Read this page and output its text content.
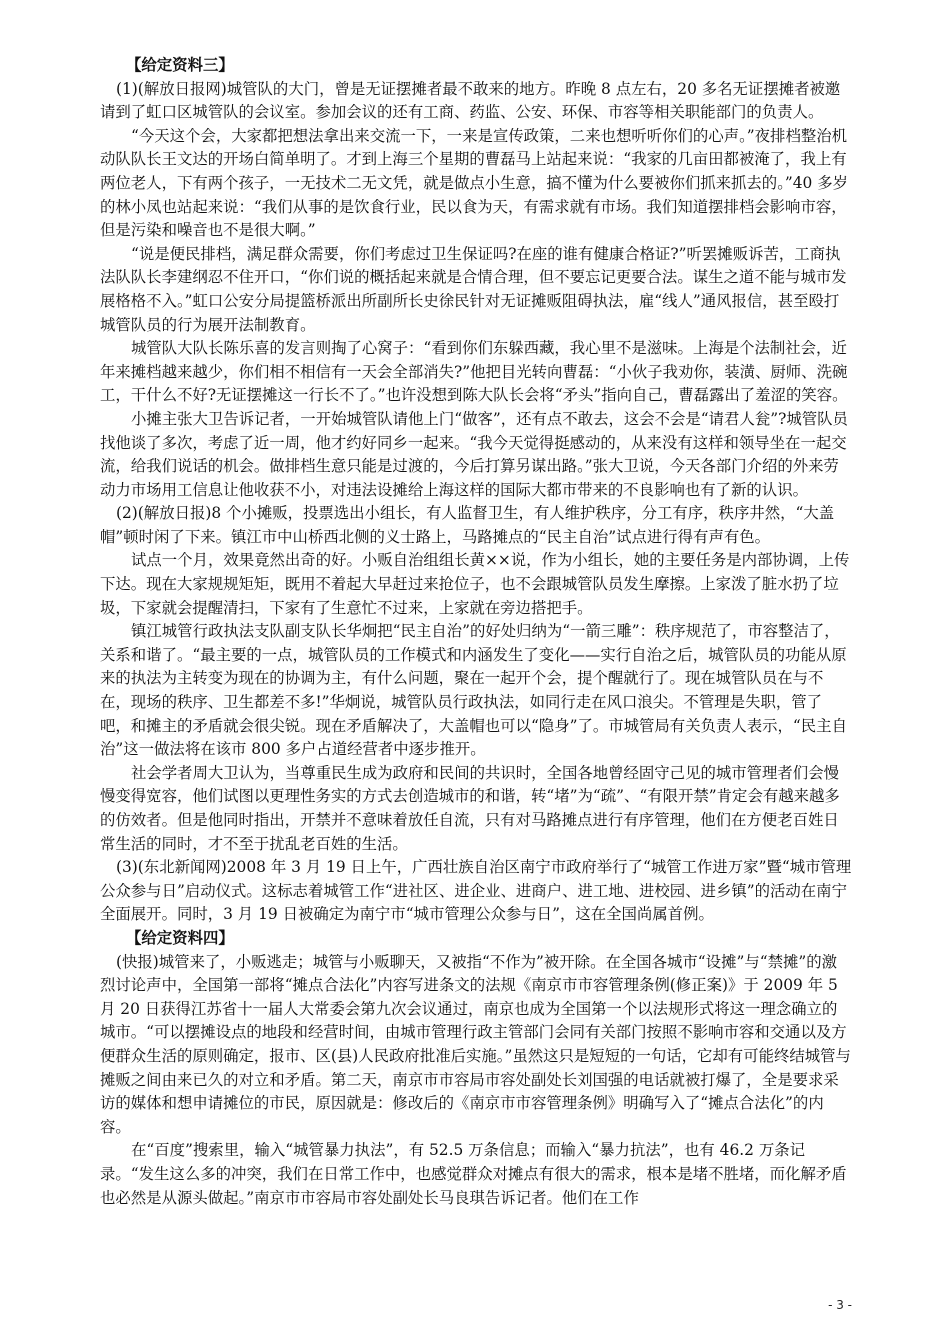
【给定资料三】

(1)(解放日报网)城管队的大门，曾是无证摆摊者最不敢来的地方。昨晚 8 点左右，20 多名无证摆摊者被邀请到了虹口区城管队的会议室。参加会议的还有工商、药监、公安、环保、市容等相关职能部门的负责人。

“今天这个会，大家都把想法拿出来交流一下，一来是宣传政策，二来也想听听你们的心声。”夜排档整治机动队队长王文达的开场白简单明了。才到上海三个星期的曹磊马上站起来说：“我家的几亩田都被淹了，我上有两位老人，下有两个孩子，一无技术二无文凭，就是做点小生意，搞不懂为什么要被你们抓来抓去的。”40 多岁的林小凤也站起来说：“我们从事的是饮食行业，民以食为天，有需求就有市场。我们知道摆排档会影响市容，但是污染和噪音也不是很大啊。”

“说是便民排档，满足群众需要，你们考虑过卫生保证吗?在座的谁有健康合格证?”听罢摊贩诉苦，工商执法队队长李建纲忍不住开口，“你们说的概括起来就是合情合理，但不要忘记更要合法。谋生之道不能与城市发展格格不入。”虹口公安分局提篮桥派出所副所长史徐民针对无证摊贩阻碍执法，雇“线人”通风报信，甚至殴打城管队员的行为展开法制教育。

城管队大队长陈乐喜的发言则掏了心窝子：“看到你们东躲西藏，我心里不是滋味。上海是个法制社会，近年来摊档越来越少，你们相不相信有一天会全部消失?”他把目光转向曹磊：“小伙子我劝你，装潢、厨师、洗碗工，干什么不好?无证摆摊这一行长不了。”也许没想到陈大队长会将“矛头”指向自己，曹磊露出了羞涩的笑容。

小摊主张大卫告诉记者，一开始城管队请他上门“做客”，还有点不敢去，这会不会是“请君人瓮”?城管队员找他谈了多次，考虑了近一周，他才约好同乡一起来。“我今天觉得挺感动的，从来没有这样和领导坐在一起交流，给我们说话的机会。做排档生意只能是过渡的，今后打算另谋出路。”张大卫说，今天各部门介绍的外来劳动力市场用工信息让他收获不小，对违法设摊给上海这样的国际大都市带来的不良影响也有了新的认识。

(2)(解放日报)8 个小摊贩，投票选出小组长，有人监督卫生，有人维护秩序，分工有序，秩序井然，“大盖帽”顿时闲了下来。镇江市中山桥西北侧的义士路上，马路摊点的“民主自治”试点进行得有声有色。

试点一个月，效果竟然出奇的好。小贩自治组组长黄××说，作为小组长，她的主要任务是内部协调，上传下达。现在大家规规矩矩，既用不着起大早赶过来抢位子，也不会跟城管队员发生摩擦。上家泼了脏水扔了垃圾，下家就会提醒清扫，下家有了生意忙不过来，上家就在旁边搭把手。

镇江城管行政执法支队副支队长华炯把“民主自治”的好处归纳为“一箭三雕”：秩序规范了，市容整洁了，关系和谐了。“最主要的一点，城管队员的工作模式和内涵发生了变化——实行自治之后，城管队员的功能从原来的执法为主转变为现在的协调为主，有什么问题，聚在一起开个会，提个醒就行了。现在城管队员在与不在，现场的秩序、卫生都差不多!”华炯说，城管队员行政执法，如同行走在风口浪尖。不管理是失职，管了吧，和摊主的矛盾就会很尖锐。现在矛盾解决了，大盖帽也可以“隐身”了。市城管局有关负责人表示，“民主自治”这一做法将在该市 800 多户占道经营者中逐步推开。

社会学者周大卫认为，当尊重民生成为政府和民间的共识时，全国各地曾经固守己见的城市管理者们会慢慢变得宽容，他们试图以更理性务实的方式去创造城市的和谐，转“堵”为“疏”、“有限开禁”肯定会有越来越多的仿效者。但是他同时指出，开禁并不意味着放任自流，只有对马路摊点进行有序管理，他们在方便老百姓日常生活的同时，才不至于扰乱老百姓的生活。

(3)(东北新闻网)2008 年 3 月 19 日上午，广西壮族自治区南宁市政府举行了“城管工作进万家”暨“城市管理公众参与日”启动仪式。这标志着城管工作“进社区、进企业、进商户、进工地、进校园、进乡镇”的活动在南宁全面展开。同时，3 月 19 日被确定为南宁市“城市管理公众参与日”，这在全国尚属首例。

【给定资料四】

(快报)城管来了，小贩逃走；城管与小贩聊天，又被指“不作为”被开除。在全国各城市“设摊”与“禁摊”的激烈讨论声中，全国第一部将“摊点合法化”内容写进条文的法规《南京市市容管理条例(修正案)》于 2009 年 5 月 20 日获得江苏省十一届人大常委会第九次会议通过，南京也成为全国第一个以法规形式将这一理念确立的城市。“可以摆摊设点的地段和经营时间，由城市管理行政主管部门会同有关部门按照不影响市容和交通以及方便群众生活的原则确定，报市、区(县)人民政府批准后实施。”虽然这只是短短的一句话，它却有可能终结城管与摊贩之间由来已久的对立和矛盾。第二天，南京市市容局市容处副处长刘国强的电话就被打爆了，全是要求采访的媒体和想申请摊位的市民，原因就是：修改后的《南京市市容管理条例》明确写入了“摊点合法化”的内容。

在“百度”搜索里，输入“城管暴力执法”，有 52.5 万条信息；而输入“暴力抗法”，也有 46.2 万条记录。“发生这么多的冲突，我们在日常工作中，也感觉群众对摊点有很大的需求，根本是堵不胜堵，而化解矛盾也必然是从源头做起。”南京市市容局市容处副处长马良琪告诉记者。他们在工作

- 3 -
